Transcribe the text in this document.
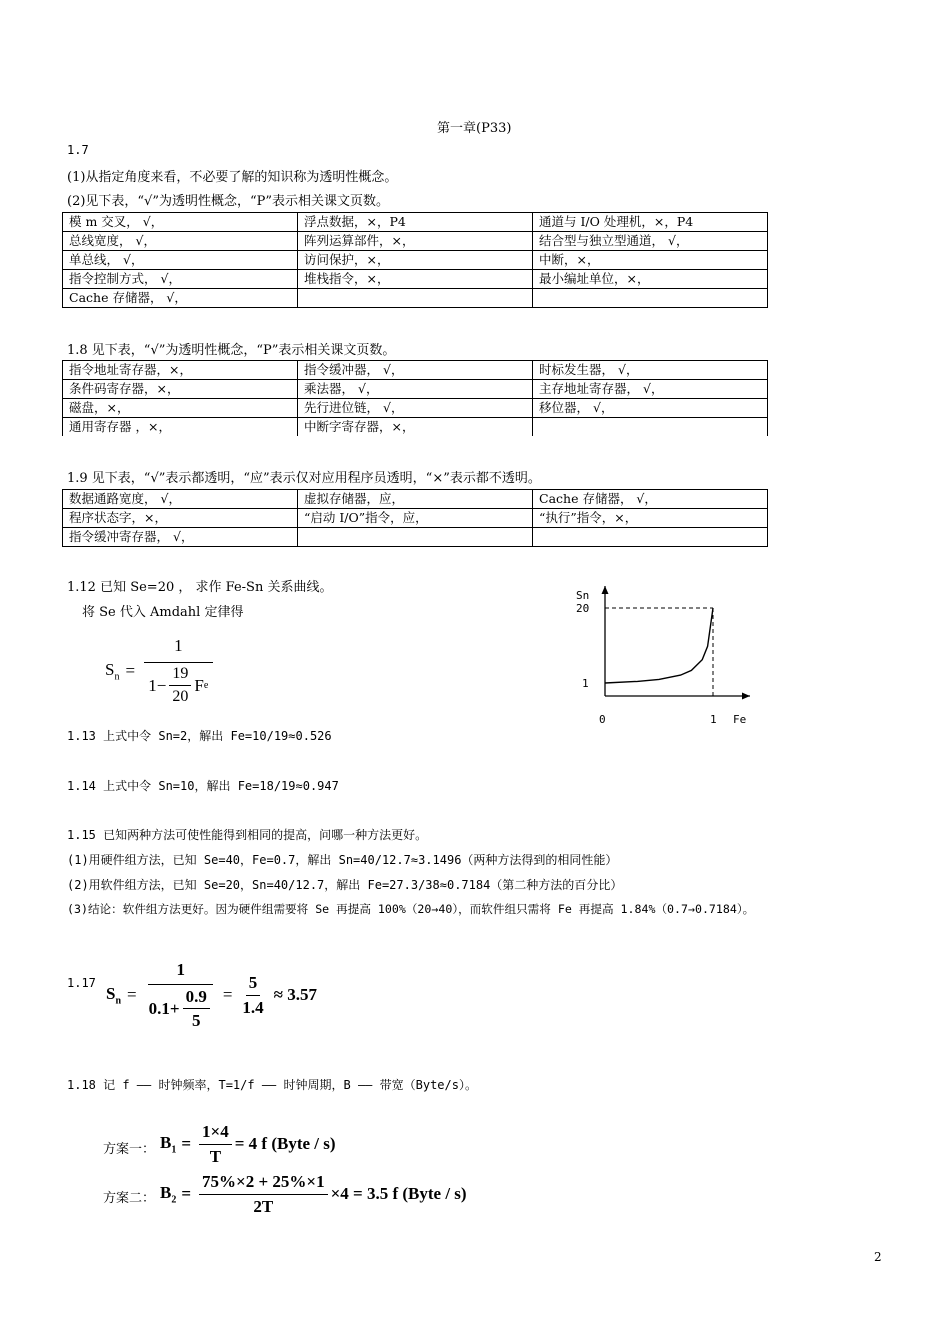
第一章(P33)
1.7
(1)从指定角度来看，不必要了解的知识称为透明性概念。
(2)见下表，“√”为透明性概念，“P”表示相关课文页数。
模 m 交叉， √，	浮点数据，×，P4	通道与 I/O 处理机，×，P4
总线宽度， √，	阵列运算部件，×，	结合型与独立型通道， √，
单总线， √，	访问保护，×，	中断，×，
指令控制方式， √，	堆栈指令，×，	最小编址单位，×，
Cache 存储器， √，		
1.8 见下表，“√”为透明性概念，“P”表示相关课文页数。
指令地址寄存器，×，	指令缓冲器， √，	时标发生器， √，
条件码寄存器，×，	乘法器， √，	主存地址寄存器， √，
磁盘，×，	先行进位链， √，	移位器， √，
通用寄存器 ，×，	中断字寄存器，×，	
1.9 见下表，“√”表示都透明，“应”表示仅对应用程序员透明，“×”表示都不透明。
数据通路宽度， √，	虚拟存储器，应，	Cache 存储器， √，
程序状态字，×，	“启动 I/O”指令，应，	“执行”指令，×，
指令缓冲寄存器， √，		
1.12 已知 Se=20 ， 求作 Fe-Sn 关系曲线。
将 Se 代入 Amdahl 定律得
$S_n = \frac{1}{1 - \frac{19}{20} F e}$
Sn
20
1
0	1 Fe
1.13 上式中令 Sn=2，解出 Fe=10/19≈0.526
1.14 上式中令 Sn=10，解出 Fe=18/19≈0.947
1.15 已知两种方法可使性能得到相同的提高，问哪一种方法更好。
(1)用硬件组方法，已知 Se=40，Fe=0.7，解出 Sn=40/12.7≈3.1496（两种方法得到的相同性能）
(2)用软件组方法，已知 Se=20，Sn=40/12.7，解出 Fe=27.3/38≈0.7184（第二种方法的百分比）
(3)结论：软件组方法更好。因为硬件组需要将 Se 再提高 100%（20→40），而软件组只需将 Fe 再提高 1.84%（0.7→0.7184）。
1.17
$S_n = \frac{1}{0.1 + \frac{0.9}{5}} = \frac{5}{1.4} \approx 3.57$
1.18 记 f —— 时钟频率，T=1/f —— 时钟周期，B —— 带宽（Byte/s）。
方案一： $B_1 = \frac{1\times 4}{T} = 4$ f (Byte / s)
方案二： $B_2 = \frac{75\%\times 2 + 25\%\times 1}{2T} \times 4 = 3.5$ f (Byte / s)
2
